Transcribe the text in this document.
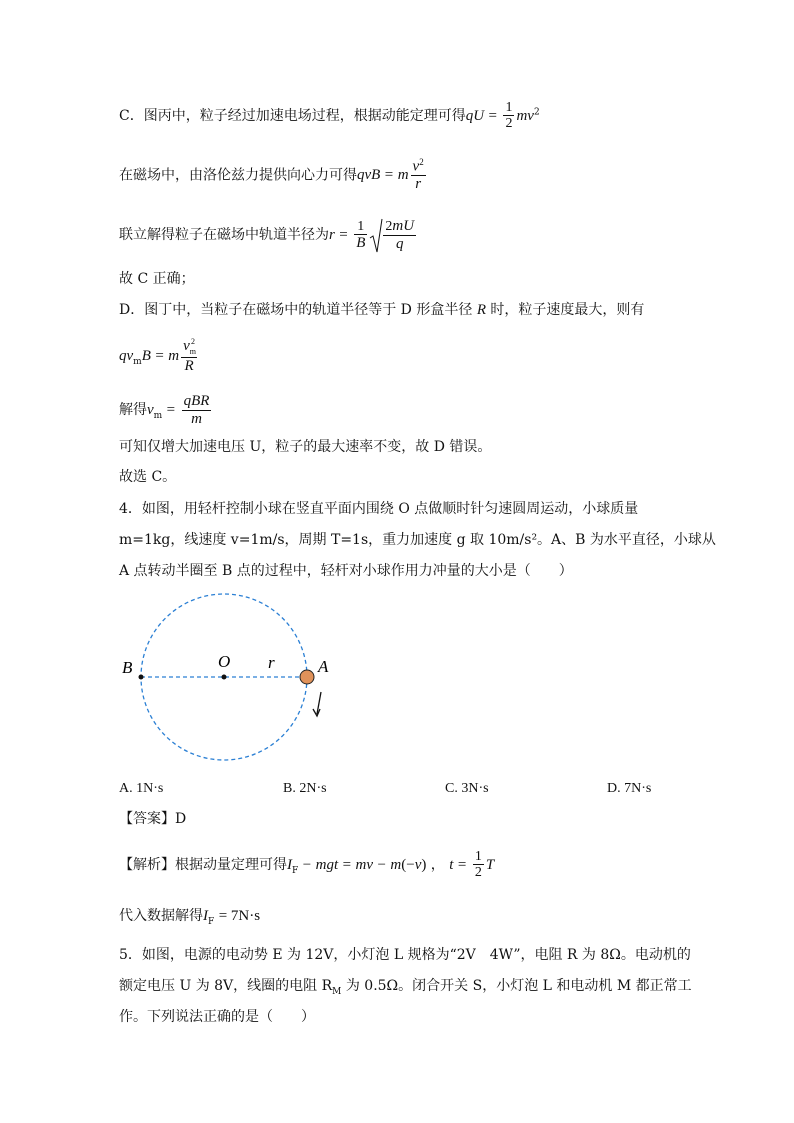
C．图丙中，粒子经过加速电场过程，根据动能定理可得qU = $\frac{1}{2} mv^2$
在磁场中，由洛伦兹力提供向心力可得qvB = m $\frac{v^2}{r}$
联立解得粒子在磁场中轨道半径为$r = \frac{1}{B} \frac{2mU}{q}$
故 C 正确；
D．图丁中，当粒子在磁场中的轨道半径等于 D 形盒半径 R 时，粒子速度最大，则有
$qv_mB = m \frac{v_m^2}{R}$
解得$v_m = \frac{\text{qBR}}{m}$
可知仅增大加速电压 U，粒子的最大速率不变，故 D 错误。
故选 C。
4．如图，用轻杆控制小球在竖直平面内围绕 O 点做顺时针匀速圆周运动，小球质量
m=1kg，线速度 v=1m/s，周期 T=1s，重力加速度 g 取 10m/s²。A、B 为水平直径，小球从
A 点转动半圈至 B 点的过程中，轻杆对小球作用力冲量的大小是（　　）
B	O r	A
A. 1N·s	B. 2N·s	C. 3N·s	D. 7N·s
【答案】D
【解析】根据动量定理可得$I_F$ − mgt = mv − m(−v) ， $t = \frac{1}{2}$ T
代入数据解得$I_F = 7N\cdot s$
5．如图，电源的电动势 E 为 12V，小灯泡 L 规格为“2V　4W”，电阻 R 为 8Ω。电动机的
额定电压 U 为 8V，线圈的电阻 $R_M$ 为 0.5Ω。闭合开关 S，小灯泡 L 和电动机 M 都正常工
作。下列说法正确的是（　　）
